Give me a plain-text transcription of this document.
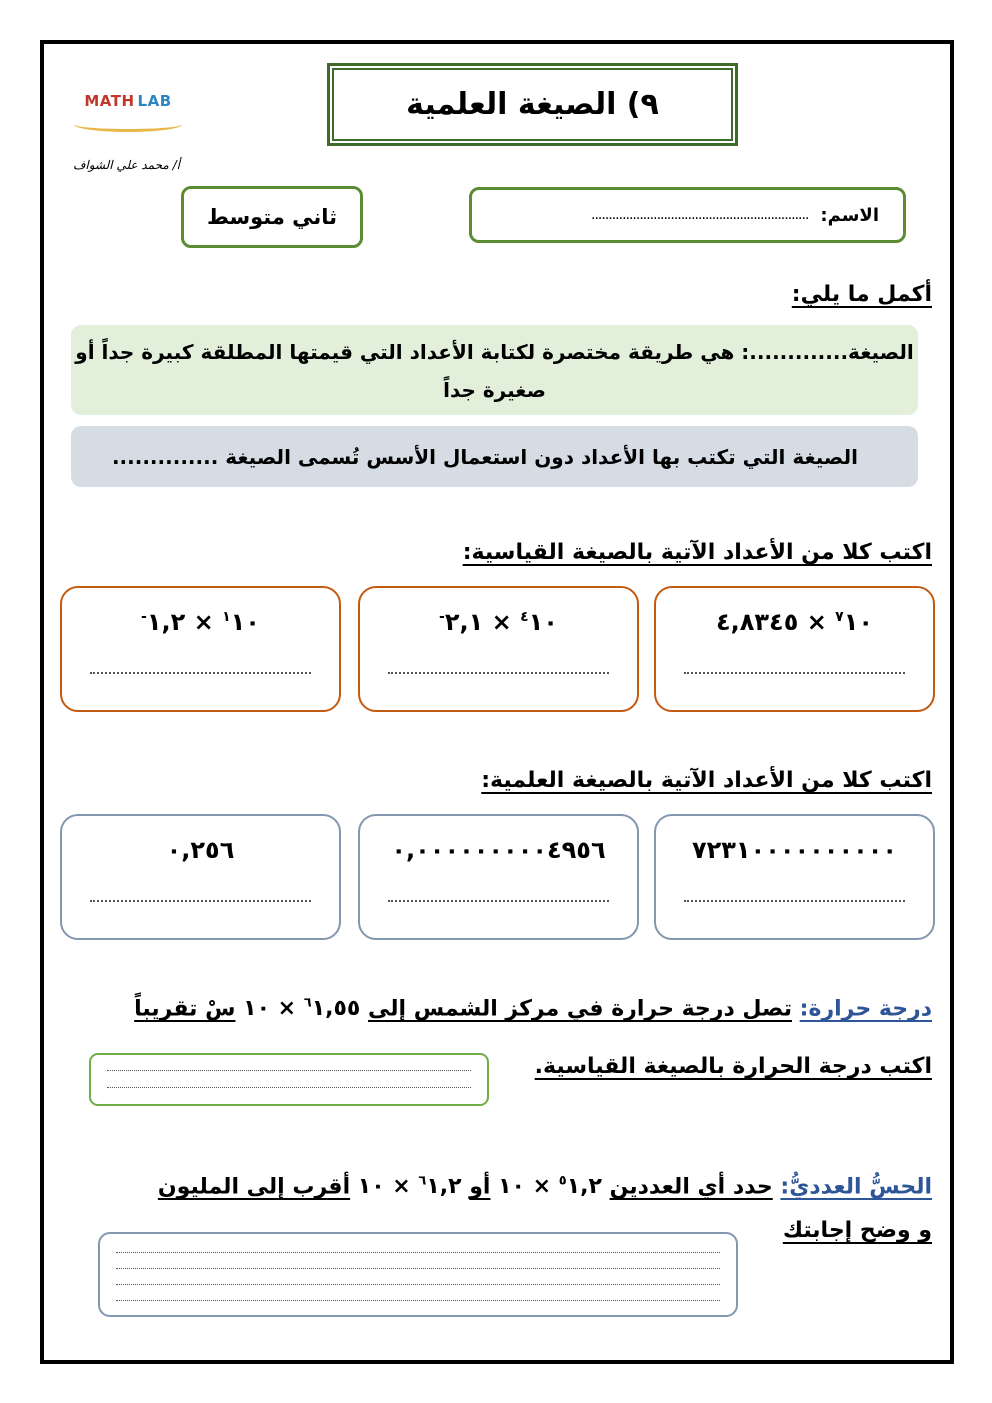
MATH LAB
أ/ محمد علي الشواف
٩) الصيغة العلمية
ثاني متوسط	الاسم:
...............................................................
أكمل ما يلي:
الصيغة.............: هي طريقة مختصرة لكتابة الأعداد التي قيمتها المطلقة كبيرة جداً أو صغيرة جداً
الصيغة التي تكتب بها الأعداد دون استعمال الأسس تُسمى الصيغة ..............
اكتب كلا من الأعداد الآتية بالصيغة القياسية:
$^٧$١٠ × ٤,٨٣٤٥
$^{-٤}$١٠ × ٢,١
$^{-١}$١٠ × ١,٢
اكتب كلا من الأعداد الآتية بالصيغة العلمية:
٧٢٣١٠٠٠٠٠٠٠٠٠٠
٠,٠٠٠٠٠٠٠٠٠٤٩٥٦
٠,٢٥٦
درجة حرارة: تصل درجة حرارة في مركز الشمس إلى $^٦$١,٥٥ × ١٠ سْ تقريباً
اكتب درجة الحرارة بالصيغة القياسية.
الحسُّ العدديُّ: حدد أي العددين $^٥$١,٢ × ١٠ أو $^٦$١,٢ × ١٠ أقرب إلى المليون
و وضح إجابتك
